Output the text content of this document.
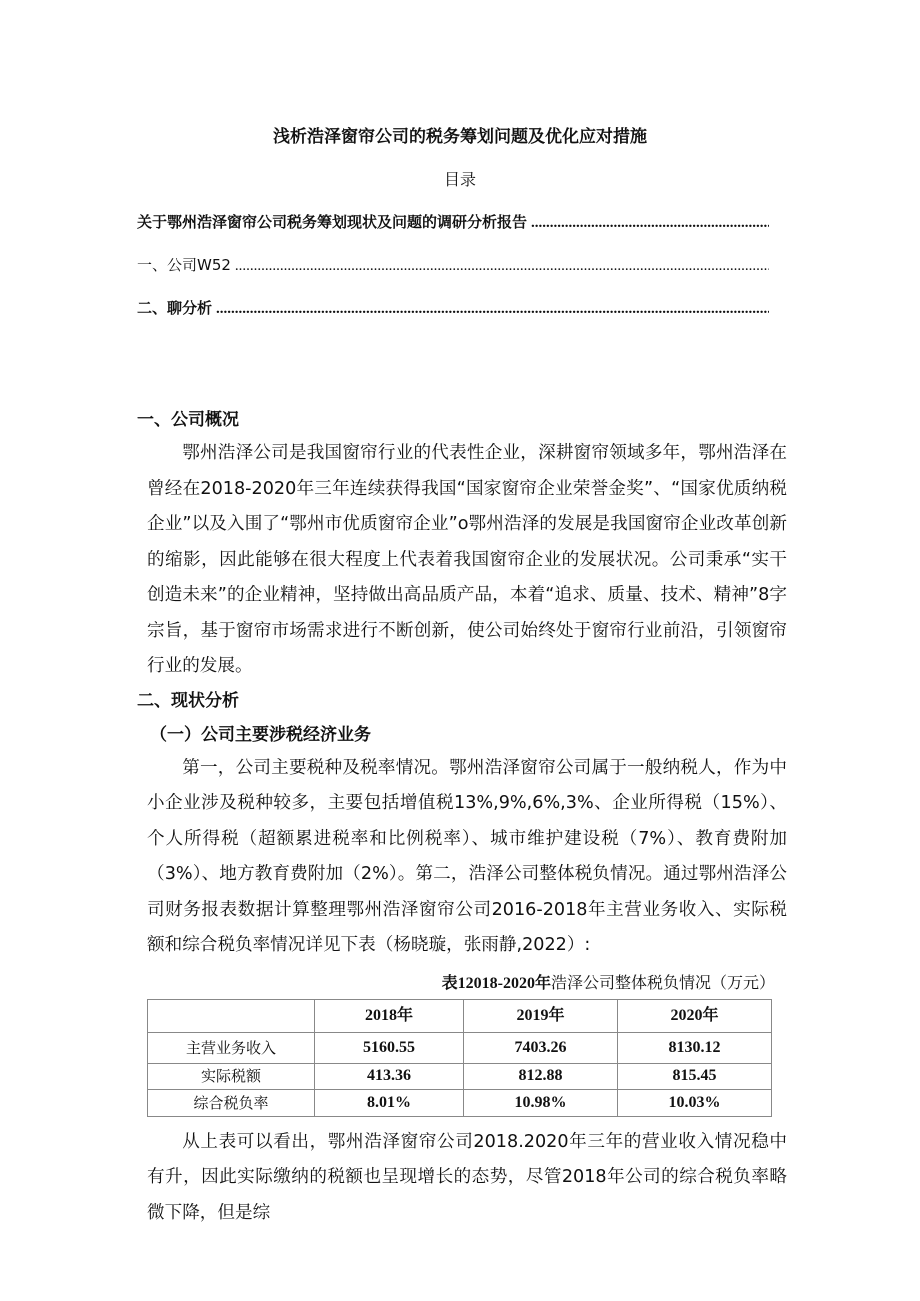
浅析浩泽窗帘公司的税务筹划问题及优化应对措施
目录
关于鄂州浩泽窗帘公司税务筹划现状及问题的调研分析报告
.....
一、公司W52
.....
二、聊分析
.....
一、公司概况

鄂州浩泽公司是我国窗帘行业的代表性企业，深耕窗帘领域多年，鄂州浩泽在曾经在2018-2020年三年连续获得我国“国家窗帘企业荣誉金奖”、“国家优质纳税企业”以及入围了“鄂州市优质窗帘企业”o鄂州浩泽的发展是我国窗帘企业改革创新的缩影，因此能够在很大程度上代表着我国窗帘企业的发展状况。公司秉承“实干创造未来”的企业精神，坚持做出高品质产品，本着“追求、质量、技术、精神”8字宗旨，基于窗帘市场需求进行不断创新，使公司始终处于窗帘行业前沿，引领窗帘行业的发展。

二、现状分析
（一）公司主要涉税经济业务

第一，公司主要税种及税率情况。鄂州浩泽窗帘公司属于一般纳税人，作为中小企业涉及税种较多，主要包括增值税13%,9%,6%,3%、企业所得税（15%）、个人所得税（超额累进税率和比例税率）、城市维护建设税（7%）、教育费附加（3%）、地方教育费附加（2%）。第二，浩泽公司整体税负情况。通过鄂州浩泽公司财务报表数据计算整理鄂州浩泽窗帘公司2016-2018年主营业务收入、实际税额和综合税负率情况详见下表（杨晓璇，张雨静,2022）:

表12018-2020年浩泽公司整体税负情况（万元）
	2018年	2019年	2020年
主营业务收入	5160.55	7403.26	8130.12
实际税额	413.36	812.88	815.45
综合税负率	8.01%	10.98%	10.03%

从上表可以看出，鄂州浩泽窗帘公司2018.2020年三年的营业收入情况稳中有升，因此实际缴纳的税额也呈现增长的态势，尽管2018年公司的综合税负率略微下降，但是综
